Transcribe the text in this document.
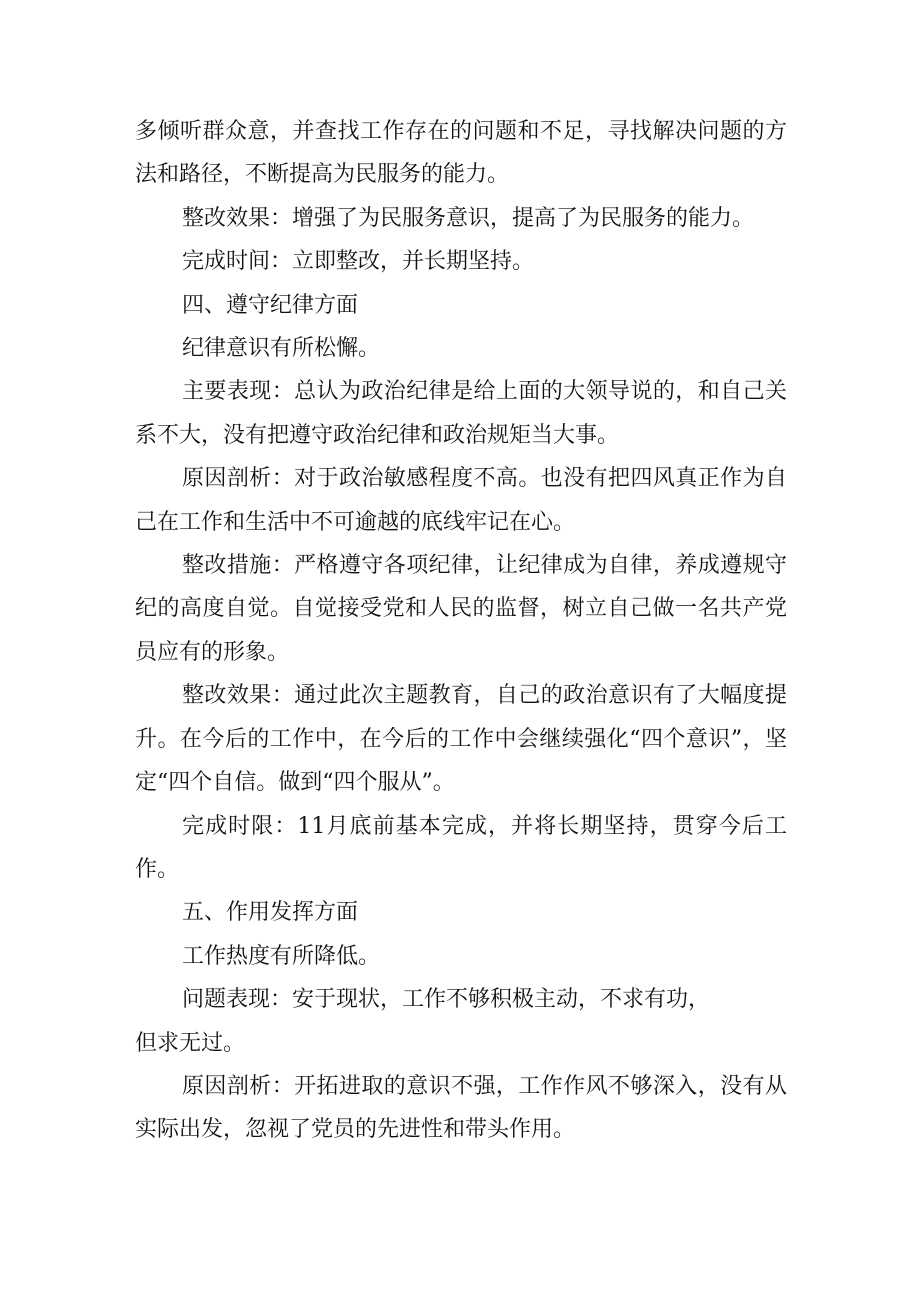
多倾听群众意，并查找工作存在的问题和不足，寻找解决问题的方法和路径，不断提高为民服务的能力。

整改效果：增强了为民服务意识，提高了为民服务的能力。

完成时间：立即整改，并长期坚持。

四、遵守纪律方面

纪律意识有所松懈。

主要表现：总认为政治纪律是给上面的大领导说的，和自己关系不大，没有把遵守政治纪律和政治规矩当大事。

原因剖析：对于政治敏感程度不高。也没有把四风真正作为自己在工作和生活中不可逾越的底线牢记在心。

整改措施：严格遵守各项纪律，让纪律成为自律，养成遵规守纪的高度自觉。自觉接受党和人民的监督，树立自己做一名共产党员应有的形象。

整改效果：通过此次主题教育，自己的政治意识有了大幅度提升。在今后的工作中，在今后的工作中会继续强化“四个意识”，坚定“四个自信。做到“四个服从”。

完成时限：11月底前基本完成，并将长期坚持，贯穿今后工作。

五、作用发挥方面

工作热度有所降低。

问题表现：安于现状，工作不够积极主动，不求有功，

但求无过。

原因剖析：开拓进取的意识不强，工作作风不够深入，没有从实际出发，忽视了党员的先进性和带头作用。
